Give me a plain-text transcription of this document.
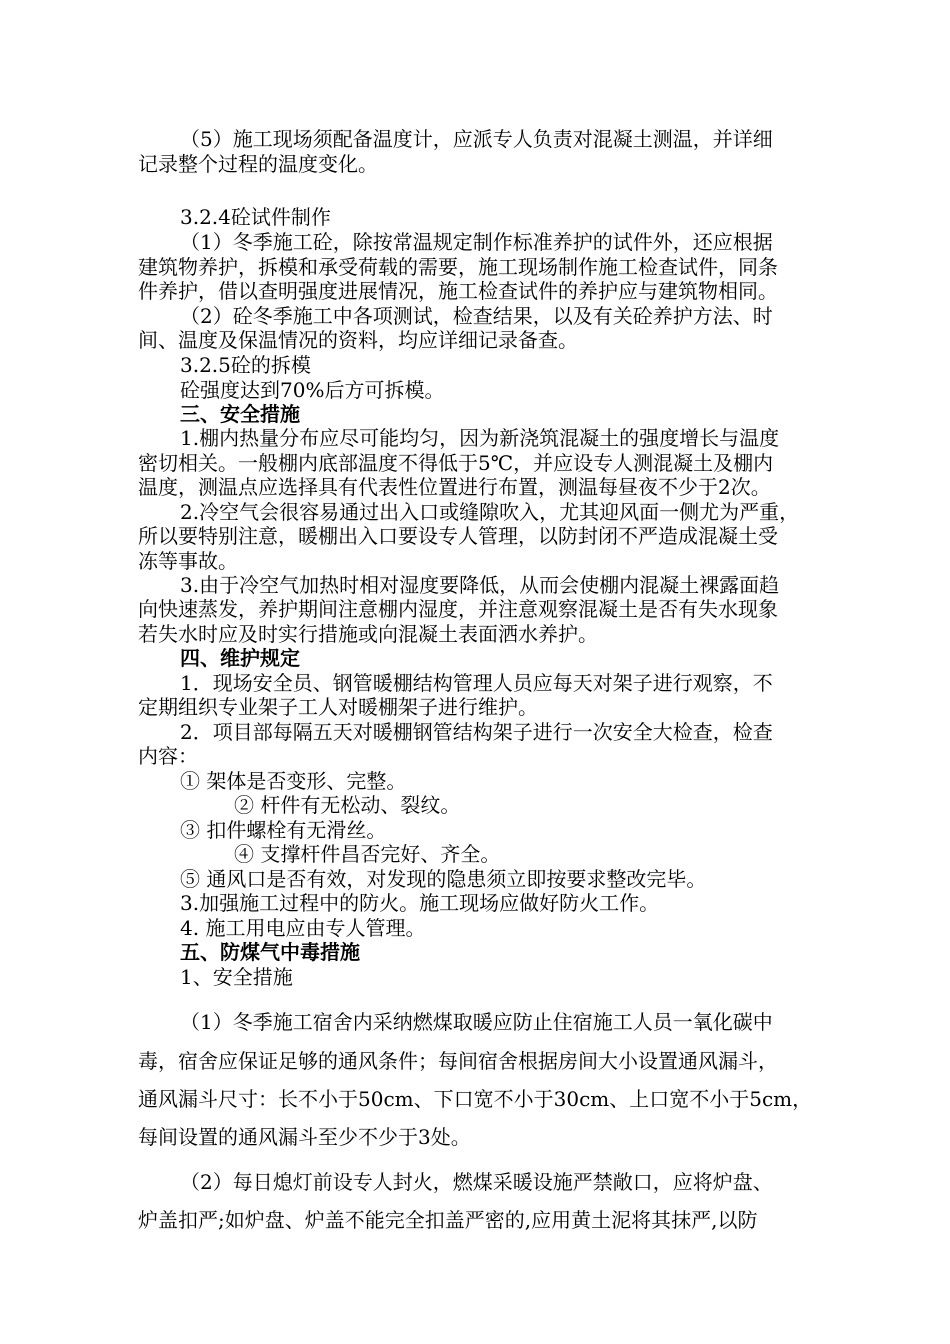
（5）施工现场须配备温度计，应派专人负责对混凝土测温，并详细
记录整个过程的温度变化。
3.2.4砼试件制作
（1）冬季施工砼，除按常温规定制作标准养护的试件外，还应根据
建筑物养护，拆模和承受荷载的需要，施工现场制作施工检查试件，同条
件养护，借以查明强度进展情况，施工检查试件的养护应与建筑物相同。
（2）砼冬季施工中各项测试，检查结果，以及有关砼养护方法、时
间、温度及保温情况的资料，均应详细记录备查。
3.2.5砼的拆模
砼强度达到70%后方可拆模。
三、安全措施
1.棚内热量分布应尽可能均匀，因为新浇筑混凝土的强度增长与温度
密切相关。一般棚内底部温度不得低于5℃，并应设专人测混凝土及棚内
温度，测温点应选择具有代表性位置进行布置，测温每昼夜不少于2次。
2.冷空气会很容易通过出入口或缝隙吹入，尤其迎风面一侧尤为严重，
所以要特别注意，暖棚出入口要设专人管理，以防封闭不严造成混凝土受
冻等事故。
3.由于冷空气加热时相对湿度要降低，从而会使棚内混凝土裸露面趋
向快速蒸发，养护期间注意棚内湿度，并注意观察混凝土是否有失水现象
若失水时应及时实行措施或向混凝土表面洒水养护。
四、维护规定
1．现场安全员、钢管暖棚结构管理人员应每天对架子进行观察，不
定期组织专业架子工人对暖棚架子进行维护。
2．项目部每隔五天对暖棚钢管结构架子进行一次安全大检查，检查
内容：
① 架体是否变形、完整。
② 杆件有无松动、裂纹。
③ 扣件螺栓有无滑丝。
④ 支撑杆件昌否完好、齐全。
⑤ 通风口是否有效，对发现的隐患须立即按要求整改完毕。
3.加强施工过程中的防火。施工现场应做好防火工作。
4. 施工用电应由专人管理。
五、防煤气中毒措施
1、安全措施
（1）冬季施工宿舍内采纳燃煤取暖应防止住宿施工人员一氧化碳中
毒，宿舍应保证足够的通风条件；每间宿舍根据房间大小设置通风漏斗，
通风漏斗尺寸：长不小于50cm、下口宽不小于30cm、上口宽不小于5cm，
每间设置的通风漏斗至少不少于3处。
（2）每日熄灯前设专人封火，燃煤采暖设施严禁敞口，应将炉盘、
炉盖扣严;如炉盘、炉盖不能完全扣盖严密的,应用黄土泥将其抹严,以防
